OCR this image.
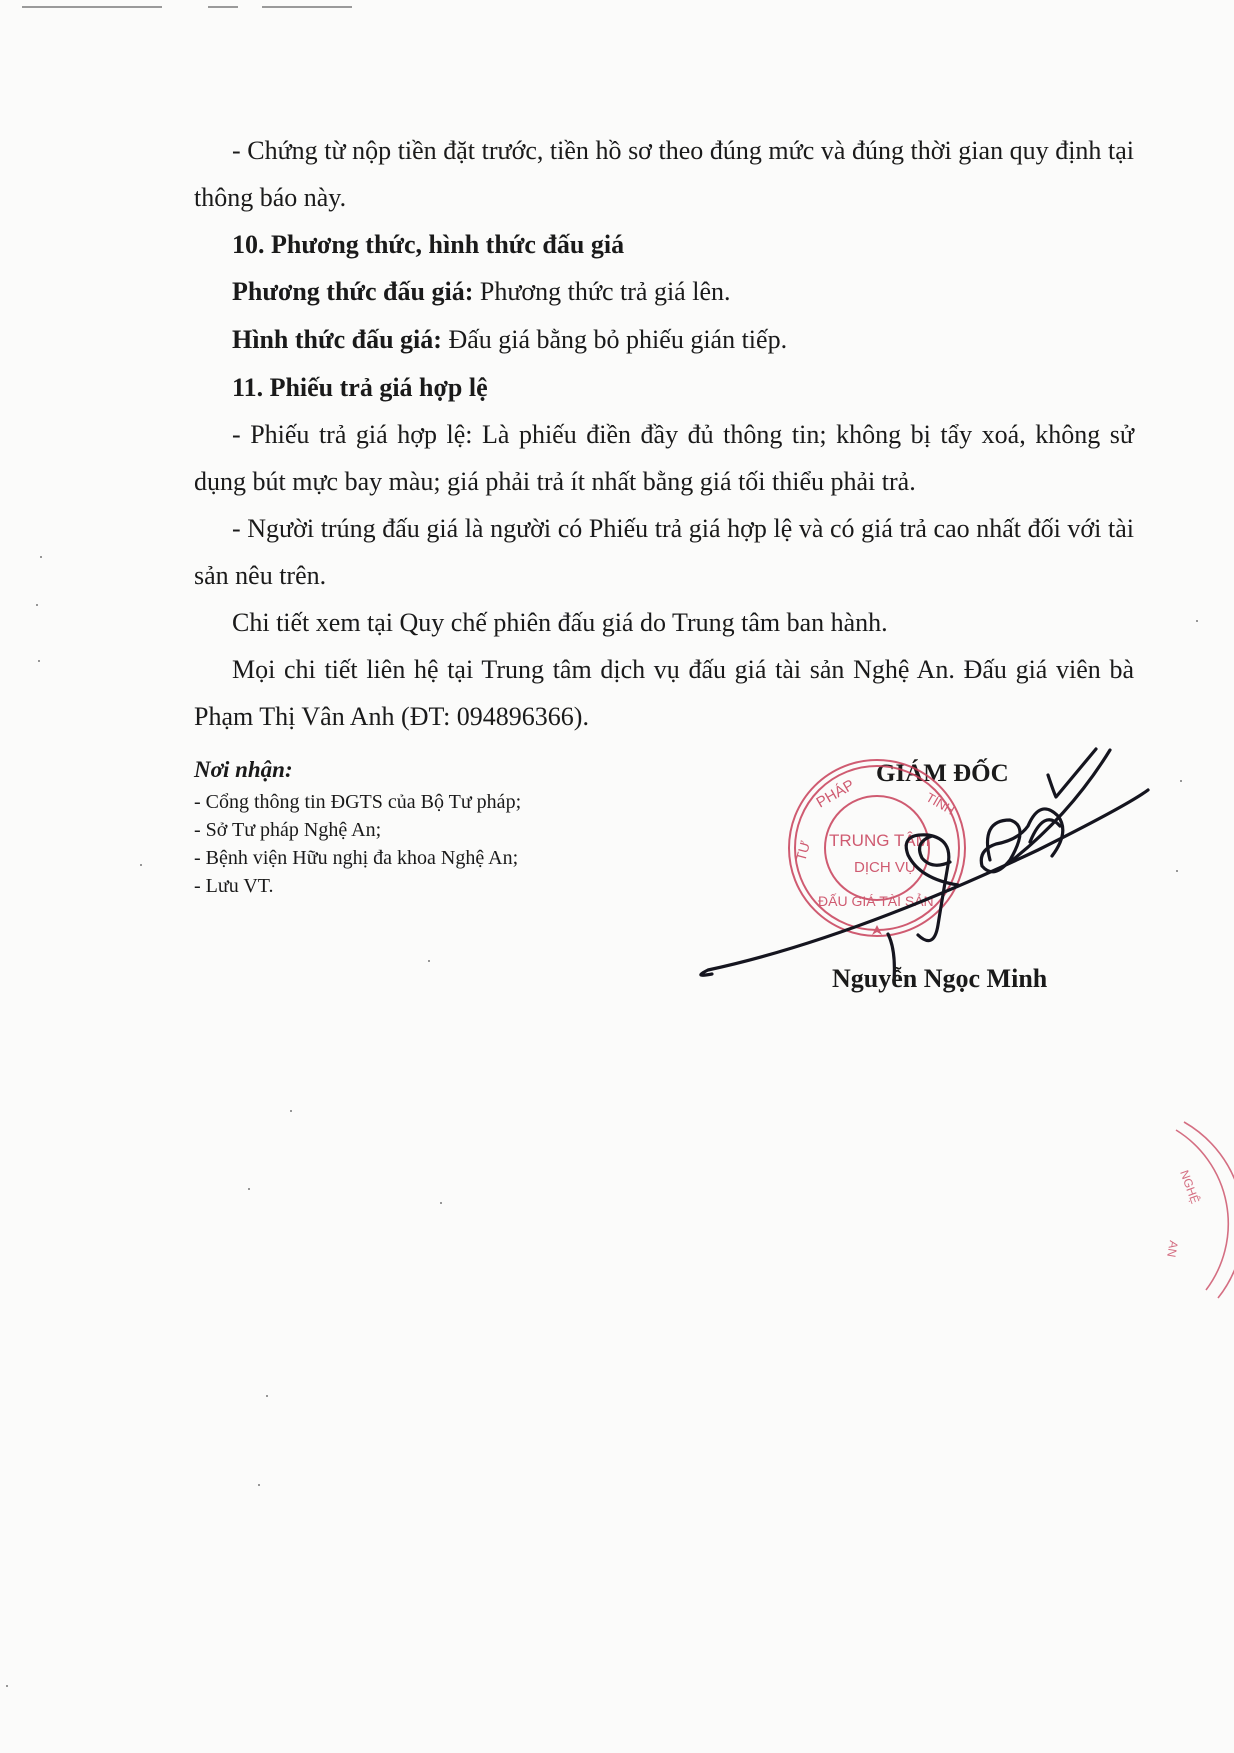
- Chứng từ nộp tiền đặt trước, tiền hồ sơ theo đúng mức và đúng thời gian quy định tại thông báo này.

10. Phương thức, hình thức đấu giá
Phương thức đấu giá: Phương thức trả giá lên.
Hình thức đấu giá: Đấu giá bằng bỏ phiếu gián tiếp.
11. Phiếu trả giá hợp lệ

- Phiếu trả giá hợp lệ: Là phiếu điền đầy đủ thông tin; không bị tẩy xoá, không sử dụng bút mực bay màu; giá phải trả ít nhất bằng giá tối thiểu phải trả.

- Người trúng đấu giá là người có Phiếu trả giá hợp lệ và có giá trả cao nhất đối với tài sản nêu trên.

Chi tiết xem tại Quy chế phiên đấu giá do Trung tâm ban hành.

Mọi chi tiết liên hệ tại Trung tâm dịch vụ đấu giá tài sản Nghệ An. Đấu giá viên bà Phạm Thị Vân Anh (ĐT: 094896366).

Nơi nhận:
- Cổng thông tin ĐGTS của Bộ Tư pháp;
- Sở Tư pháp Nghệ An;
- Bệnh viện Hữu nghị đa khoa Nghệ An;
- Lưu VT.
GIÁM ĐỐC
PHÁP	TỈNH
TƯ TRUNG TÂM
DỊCH VỤ
ĐẤU GIÁ TÀI SẢN
NGHỆ
AN
Nguyễn Ngọc Minh
